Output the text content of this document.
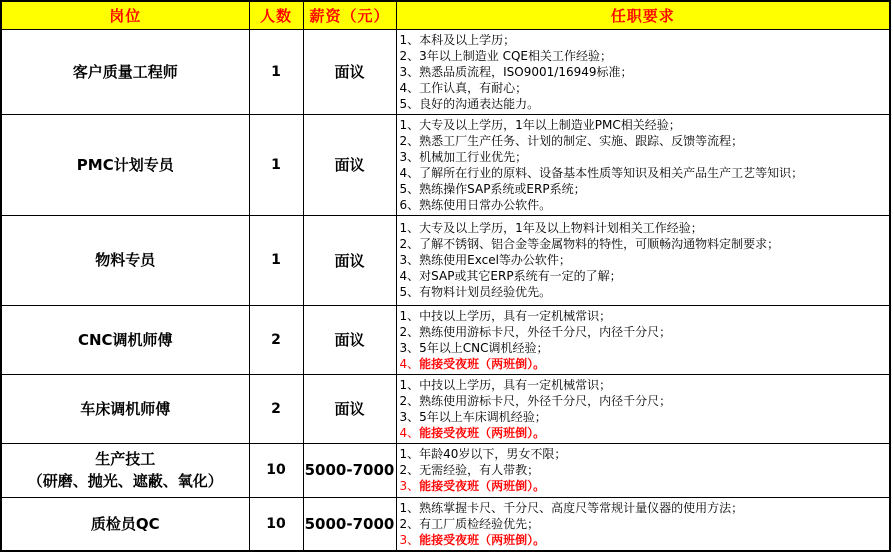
岗位	人数	薪资（元）	任职要求

客户质量工程师	1	面议	1、本科及以上学历；
2、3年以上制造业 CQE相关工作经验；
3、熟悉品质流程，ISO9001/16949标准；
4、工作认真，有耐心；
5、良好的沟通表达能力。

PMC计划专员	1	面议	
1、大专及以上学历，1年以上制造业PMC相关经验；
2、熟悉工厂生产任务、计划的制定、实施、跟踪、反馈等流程；
3、机械加工行业优先；
4、了解所在行业的原料、设备基本性质等知识及相关产品生产工艺等知识；
5、熟练操作SAP系统或ERP系统；
6、熟练使用日常办公软件。

物料专员	1	面议	1、大专及以上学历，1年及以上物料计划相关工作经验；
2、了解不锈钢、铝合金等金属物料的特性，可顺畅沟通物料定制要求；
3、熟练使用Excel等办公软件；
4、对SAP或其它ERP系统有一定的了解；
5、有物料计划员经验优先。

CNC调机师傅	2	面议	1、中技以上学历，具有一定机械常识；
2、熟练使用游标卡尺，外径千分尺，内径千分尺；
3、5年以上CNC调机经验；
4、能接受夜班（两班倒）。

车床调机师傅	2	面议	1、中技以上学历，具有一定机械常识；
2、熟练使用游标卡尺，外径千分尺，内径千分尺；
3、5年以上车床调机经验；
4、能接受夜班（两班倒）。

生产技工
（研磨、抛光、遮蔽、氧化）
	10	5000-7000	
1、年龄40岁以下，男女不限；
2、无需经验，有人带教；
3、能接受夜班（两班倒）。

质检员QC	10	5000-7000	1、熟练掌握卡尺、千分尺、高度尺等常规计量仪器的使用方法；
2、有工厂质检经验优先；
3、能接受夜班（两班倒）。
